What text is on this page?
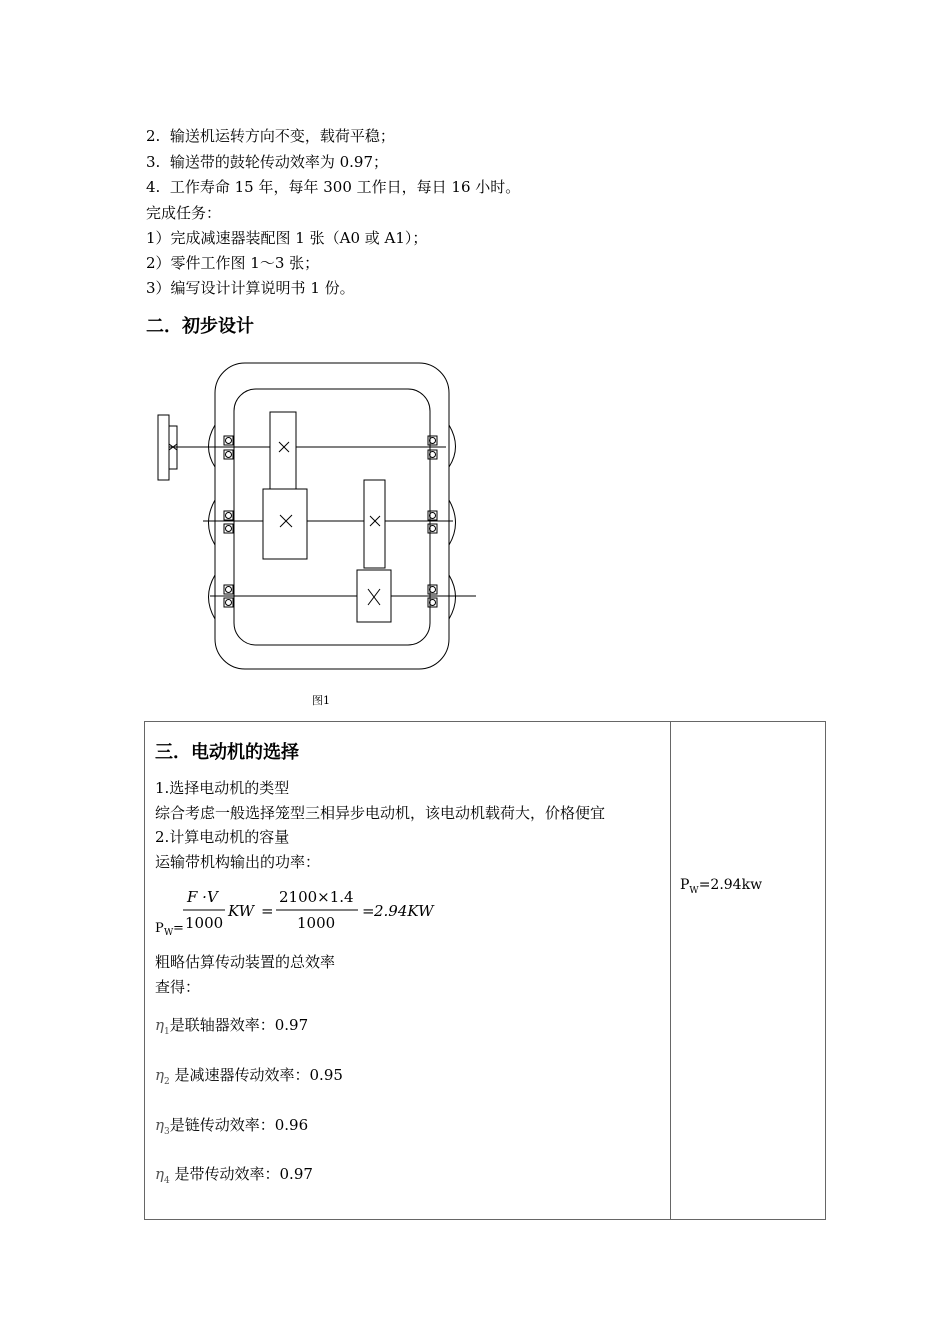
2.  输送机运转方向不变，载荷平稳；
3.  输送带的鼓轮传动效率为 0.97；
4.  工作寿命 15 年，每年 300 工作日，每日 16 小时。
完成任务：
1）完成减速器装配图 1 张（A0 或 A1）；
2）零件工作图 1～3 张；
3）编写设计计算说明书 1 份。
二．初步设计
图1
三．电动机的选择
1.选择电动机的类型
综合考虑一般选择笼型三相异步电动机，该电动机载荷大，价格便宜
2.计算电动机的容量
运输带机构输出的功率：
P W =
F ·V
1000
KW =
2100×1.4
1000
= 2.94KW
粗略估算传动装置的总效率
查得：
$\eta_1$是联轴器效率：0.97
$\eta_2$ 是减速器传动效率：0.95
$\eta_3$是链传动效率：0.96
$\eta_4$ 是带传动效率：0.97

$P_W=2.94kw$
